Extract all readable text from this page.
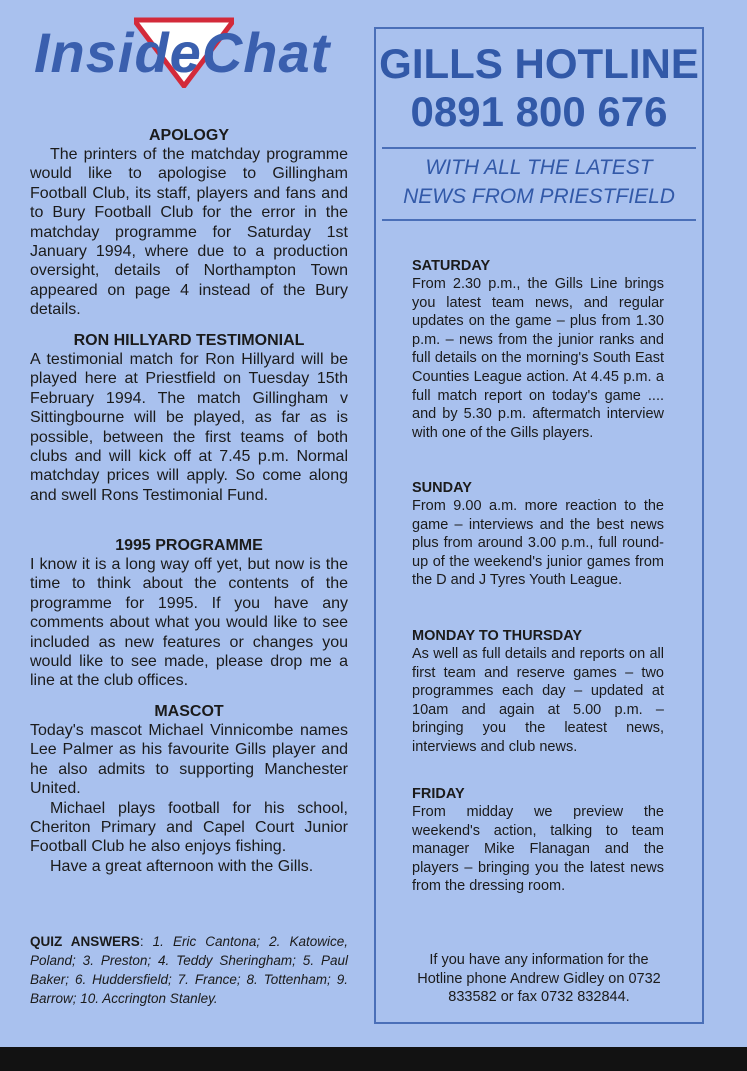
InsideChat
APOLOGY

The printers of the matchday programme would like to apologise to Gillingham Football Club, its staff, players and fans and to Bury Football Club for the error in the matchday programme for Saturday 1st January 1994, where due to a production oversight, details of Northampton Town appeared on page 4 instead of the Bury details.

RON HILLYARD TESTIMONIAL

A testimonial match for Ron Hillyard will be played here at Priestfield on Tuesday 15th February 1994. The match Gillingham v Sittingbourne will be played, as far as is possible, between the first teams of both clubs and will kick off at 7.45 p.m. Normal matchday prices will apply. So come along and swell Rons Testimonial Fund.

1995 PROGRAMME

I know it is a long way off yet, but now is the time to think about the contents of the programme for 1995. If you have any comments about what you would like to see included as new features or changes you would like to see made, please drop me a line at the club offices.

MASCOT

Today's mascot Michael Vinnicombe names Lee Palmer as his favourite Gills player and he also admits to supporting Manchester United.

Michael plays football for his school, Cheriton Primary and Capel Court Junior Football Club he also enjoys fishing.

Have a great afternoon with the Gills.

QUIZ ANSWERS: 1. Eric Cantona; 2. Katowice, Poland; 3. Preston; 4. Teddy Sheringham; 5. Paul Baker; 6. Huddersfield; 7. France; 8. Tottenham; 9. Barrow; 10. Accrington Stanley.

GILLS HOTLINE
0891 800 676
WITH ALL THE LATEST
NEWS FROM PRIESTFIELD
SATURDAY

From 2.30 p.m., the Gills Line brings you latest team news, and regular updates on the game – plus from 1.30 p.m. – news from the junior ranks and full details on the morning's South East Counties League action. At 4.45 p.m. a full match report on today's game .... and by 5.30 p.m. aftermatch interview with one of the Gills players.

SUNDAY

From 9.00 a.m. more reaction to the game – interviews and the best news plus from around 3.00 p.m., full round-up of the weekend's junior games from the D and J Tyres Youth League.

MONDAY TO THURSDAY

As well as full details and reports on all first team and reserve games – two programmes each day – updated at 10am and again at 5.00 p.m. – bringing you the leatest news, interviews and club news.

FRIDAY

From midday we preview the weekend's action, talking to team manager Mike Flanagan and the players – bringing you the latest news from the dressing room.

If you have any information for the Hotline phone Andrew Gidley on 0732 833582 or fax 0732 832844.
